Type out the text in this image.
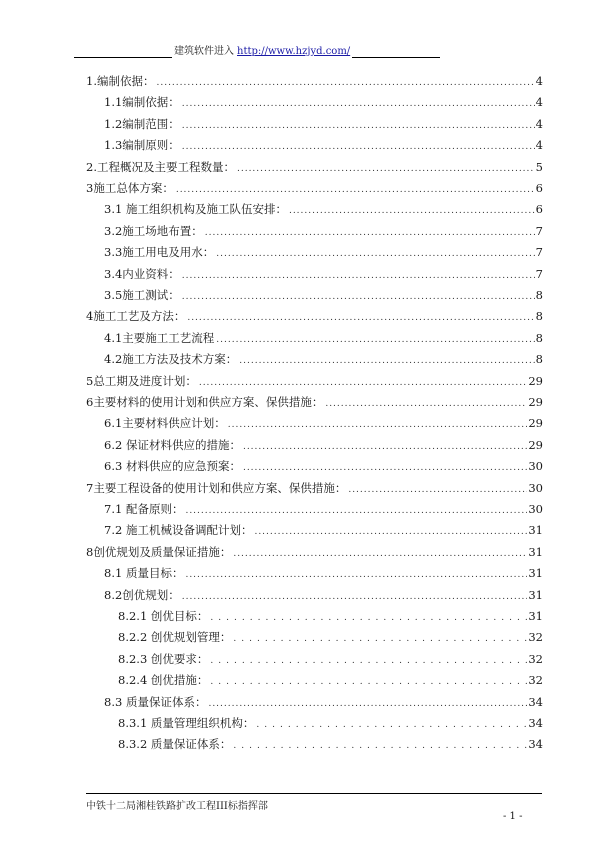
建筑软件进入 http://www.hzjyd.com/
1.编制依据： .....	4
1.1编制依据： .....	4
1.2编制范围： .....	4
1.3编制原则： .....	4
2.工程概况及主要工程数量： .....	5
3施工总体方案： .....	6
3.1 施工组织机构及施工队伍安排： .....	6
3.2施工场地布置： .....	7
3.3施工用电及用水： .....	7
3.4内业资料： .....	7
3.5施工测试： .....	8
4施工工艺及方法： .....	8
4.1主要施工工艺流程 .....	8
4.2施工方法及技术方案： .....	8
5总工期及进度计划： .....	29
6主要材料的使用计划和供应方案、保供措施： .....	29
6.1主要材料供应计划： .....	29
6.2 保证材料供应的措施： .....	29
6.3 材料供应的应急预案： .....	30
7主要工程设备的使用计划和供应方案、保供措施： .....	30
7.1 配备原则： .....	30
7.2 施工机械设备调配计划： .....	31
8创优规划及质量保证措施： .....	31
8.1 质量目标： .....	31
8.2创优规划： .....	31
8.2.1 创优目标： .....	31
8.2.2 创优规划管理： .....	32
8.2.3 创优要求： .....	32
8.2.4 创优措施： .....	32
8.3 质量保证体系： .....	34
8.3.1 质量管理组织机构： .....	34
8.3.2 质量保证体系： .....	34
中铁十二局湘桂铁路扩改工程III标指挥部
- 1 -
